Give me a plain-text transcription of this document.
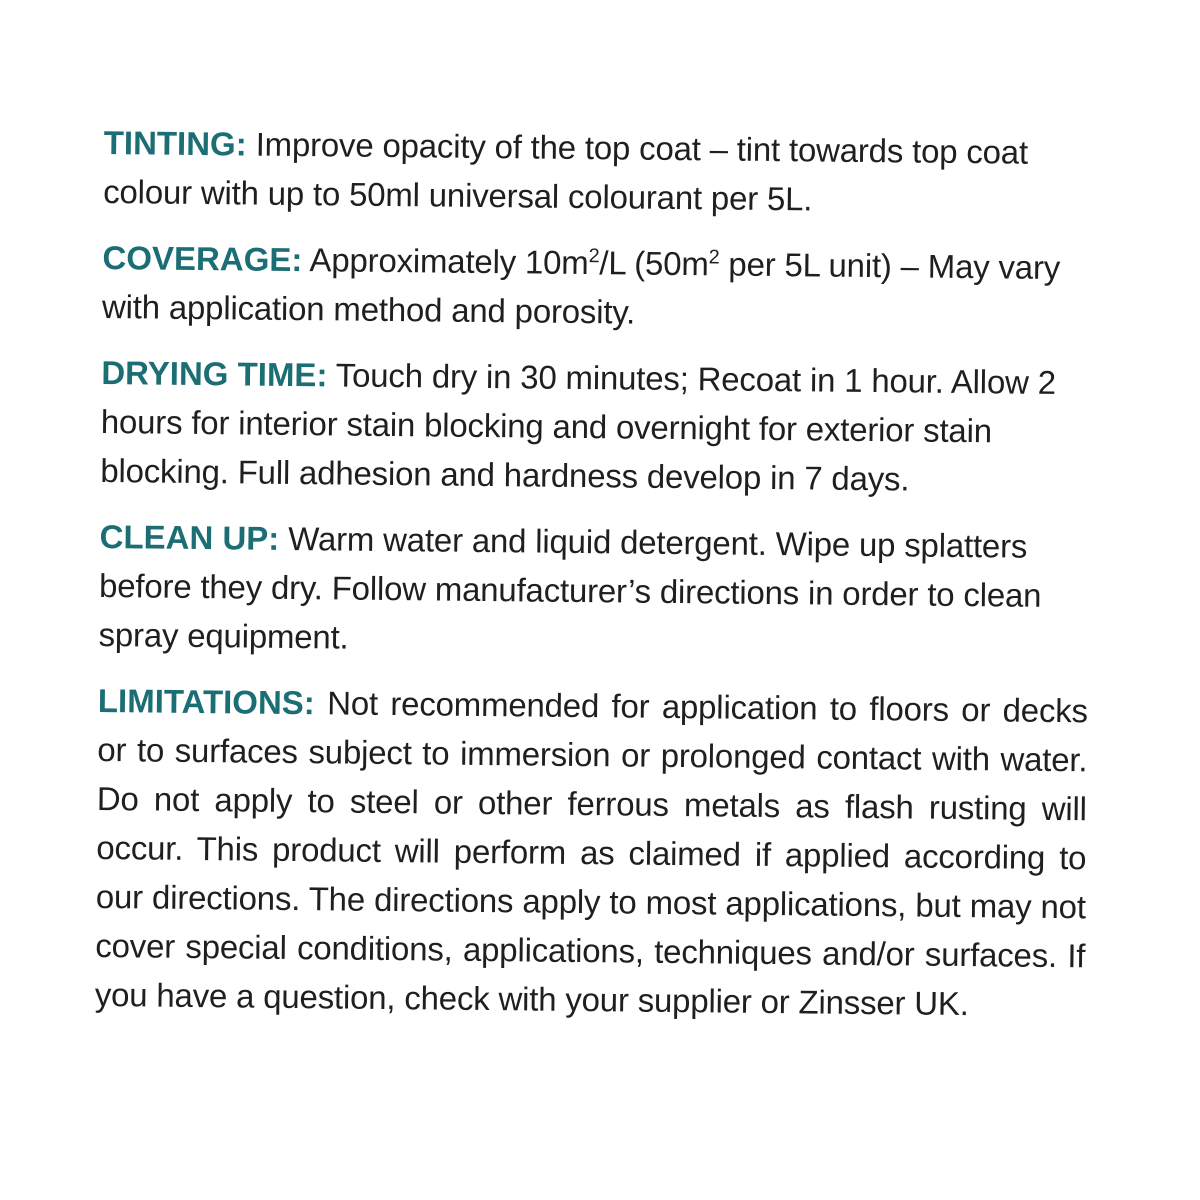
TINTING: Improve opacity of the top coat – tint towards top coat colour with up to 50ml universal colourant per 5L.

COVERAGE: Approximately $10m^2/L$ ($50m^2$ per 5L unit) – May vary with application method and porosity.

DRYING TIME: Touch dry in 30 minutes; Recoat in 1 hour. Allow 2 hours for interior stain blocking and overnight for exterior stain blocking. Full adhesion and hardness develop in 7 days.

CLEAN UP: Warm water and liquid detergent. Wipe up splatters before they dry. Follow manufacturer’s directions in order to clean spray equipment.

LIMITATIONS: Not recommended for application to floors or decks or to surfaces subject to immersion or prolonged contact with water. Do not apply to steel or other ferrous metals as flash rusting will occur. This product will perform as claimed if applied according to our directions. The directions apply to most applications, but may not cover special conditions, applications, techniques and/or surfaces. If you have a question, check with your supplier or Zinsser UK.
